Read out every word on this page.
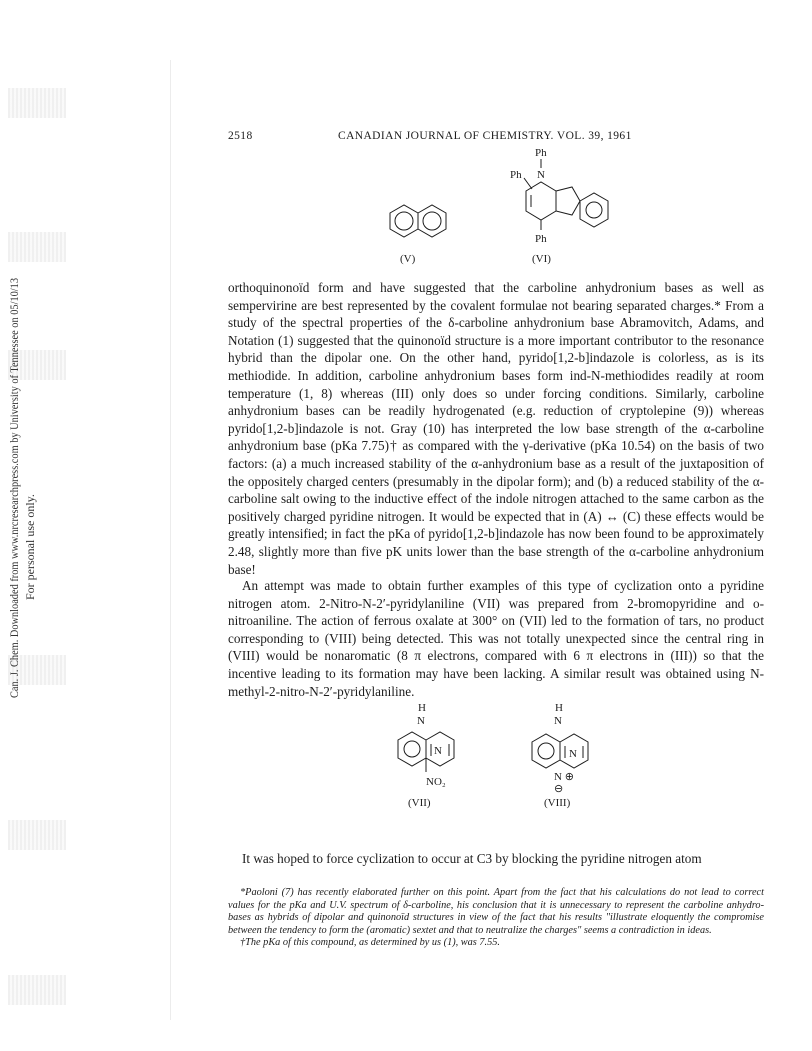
Can. J. Chem. Downloaded from www.nrcresearchpress.com by University of Tennessee on 05/10/13 For personal use only.
2518	CANADIAN JOURNAL OF CHEMISTRY. VOL. 39, 1961
(V)
Ph
N
Ph
Ph
(VI)

orthoquinonoïd form and have suggested that the carboline anhydronium bases as well as sempervirine are best represented by the covalent formulae not bearing separated charges.* From a study of the spectral properties of the δ-carboline anhydronium base Abramovitch, Adams, and Notation (1) suggested that the quinonoïd structure is a more important contributor to the resonance hybrid than the dipolar one. On the other hand, pyrido[1,2-b]indazole is colorless, as is its methiodide. In addition, carboline anhydronium bases form ind-N-methiodides readily at room temperature (1, 8) whereas (III) only does so under forcing conditions. Similarly, carboline anhydronium bases can be readily hydrogenated (e.g. reduction of cryptolepine (9)) whereas pyrido[1,2-b]indazole is not. Gray (10) has interpreted the low base strength of the α-carboline anhydronium base (pKa 7.75)† as compared with the γ-derivative (pKa 10.54) on the basis of two factors: (a) a much increased stability of the α-anhydronium base as a result of the juxtaposition of the oppositely charged centers (presumably in the dipolar form); and (b) a reduced stability of the α-carboline salt owing to the inductive effect of the indole nitrogen attached to the same carbon as the positively charged pyridine nitrogen. It would be expected that in (A) ↔ (C) these effects would be greatly intensified; in fact the pKa of pyrido[1,2-b]indazole has now been found to be approximately 2.48, slightly more than five pK units lower than the base strength of the α-carboline anhydronium base!

An attempt was made to obtain further examples of this type of cyclization onto a pyridine nitrogen atom. 2-Nitro-N-2′-pyridylaniline (VII) was prepared from 2-bromopyridine and o-nitroaniline. The action of ferrous oxalate at 300° on (VII) led to the formation of tars, no product corresponding to (VIII) being detected. This was not totally unexpected since the central ring in (VIII) would be nonaromatic (8 π electrons, compared with 6 π electrons in (III)) so that the incentive leading to its formation may have been lacking. A similar result was obtained using N-methyl-2-nitro-N-2′-pyridylaniline.

H
N
N
NO₂
(VII)
H
N
N
N ⊕
⊖
(VIII)

It was hoped to force cyclization to occur at C3 by blocking the pyridine nitrogen atom

*Paoloni (7) has recently elaborated further on this point. Apart from the fact that his calculations do not lead to correct values for the pKa and U.V. spectrum of δ-carboline, his conclusion that it is unnecessary to represent the carboline anhydro-bases as hybrids of dipolar and quinonoïd structures in view of the fact that his results "illustrate eloquently the compromise between the tendency to form the (aromatic) sextet and that to neutralize the charges" seems a contradiction in ideas.

†The pKa of this compound, as determined by us (1), was 7.55.
